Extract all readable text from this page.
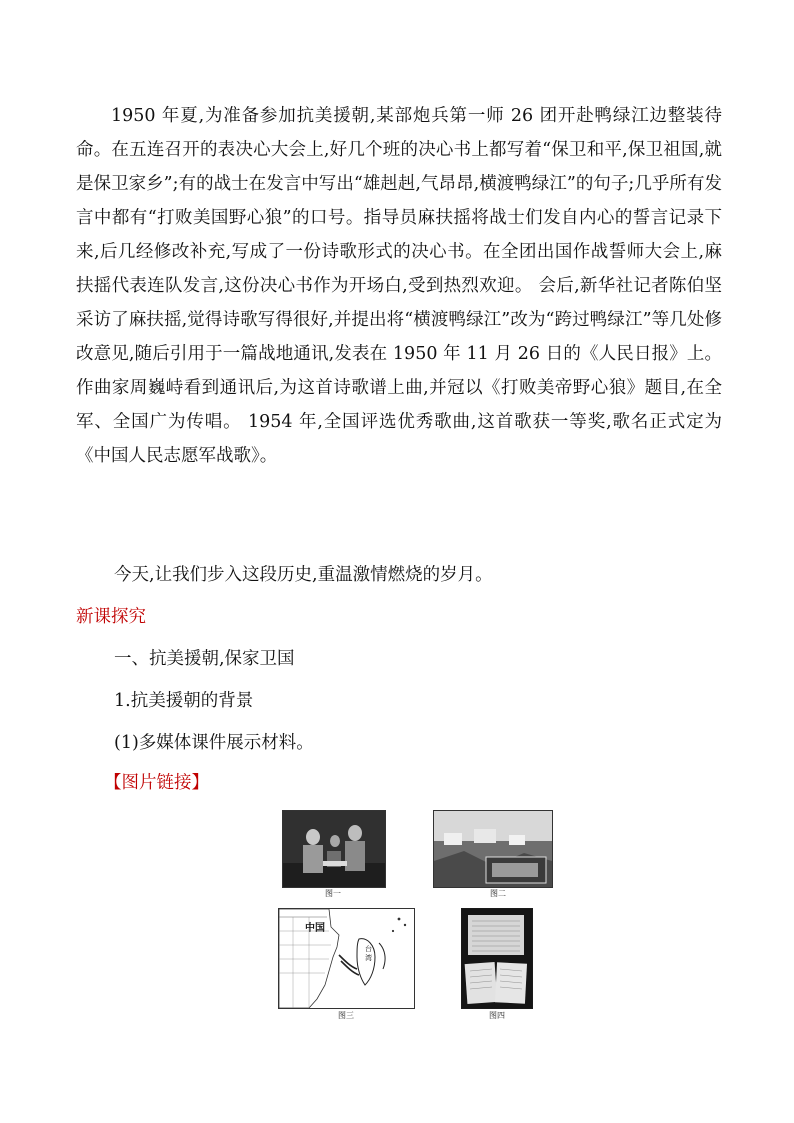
1950 年夏,为准备参加抗美援朝,某部炮兵第一师 26 团开赴鸭绿江边整装待命。在五连召开的表决心大会上,好几个班的决心书上都写着“保卫和平,保卫祖国,就是保卫家乡”;有的战士在发言中写出“雄赳赳,气昂昂,横渡鸭绿江”的句子;几乎所有发言中都有“打败美国野心狼”的口号。指导员麻扶摇将战士们发自内心的誓言记录下来,后几经修改补充,写成了一份诗歌形式的决心书。在全团出国作战誓师大会上,麻扶摇代表连队发言,这份决心书作为开场白,受到热烈欢迎。 会后,新华社记者陈伯坚采访了麻扶摇,觉得诗歌写得很好,并提出将“横渡鸭绿江”改为“跨过鸭绿江”等几处修改意见,随后引用于一篇战地通讯,发表在 1950 年 11 月 26 日的《人民日报》上。 作曲家周巍峙看到通讯后,为这首诗歌谱上曲,并冠以《打败美帝野心狼》题目,在全军、全国广为传唱。 1954 年,全国评选优秀歌曲,这首歌获一等奖,歌名正式定为《中国人民志愿军战歌》。

今天,让我们步入这段历史,重温激情燃烧的岁月。

新课探究

一、抗美援朝,保家卫国

1.抗美援朝的背景

(1)多媒体课件展示材料。

【图片链接】

图一	图二
中国
台
湾
图三	图四
